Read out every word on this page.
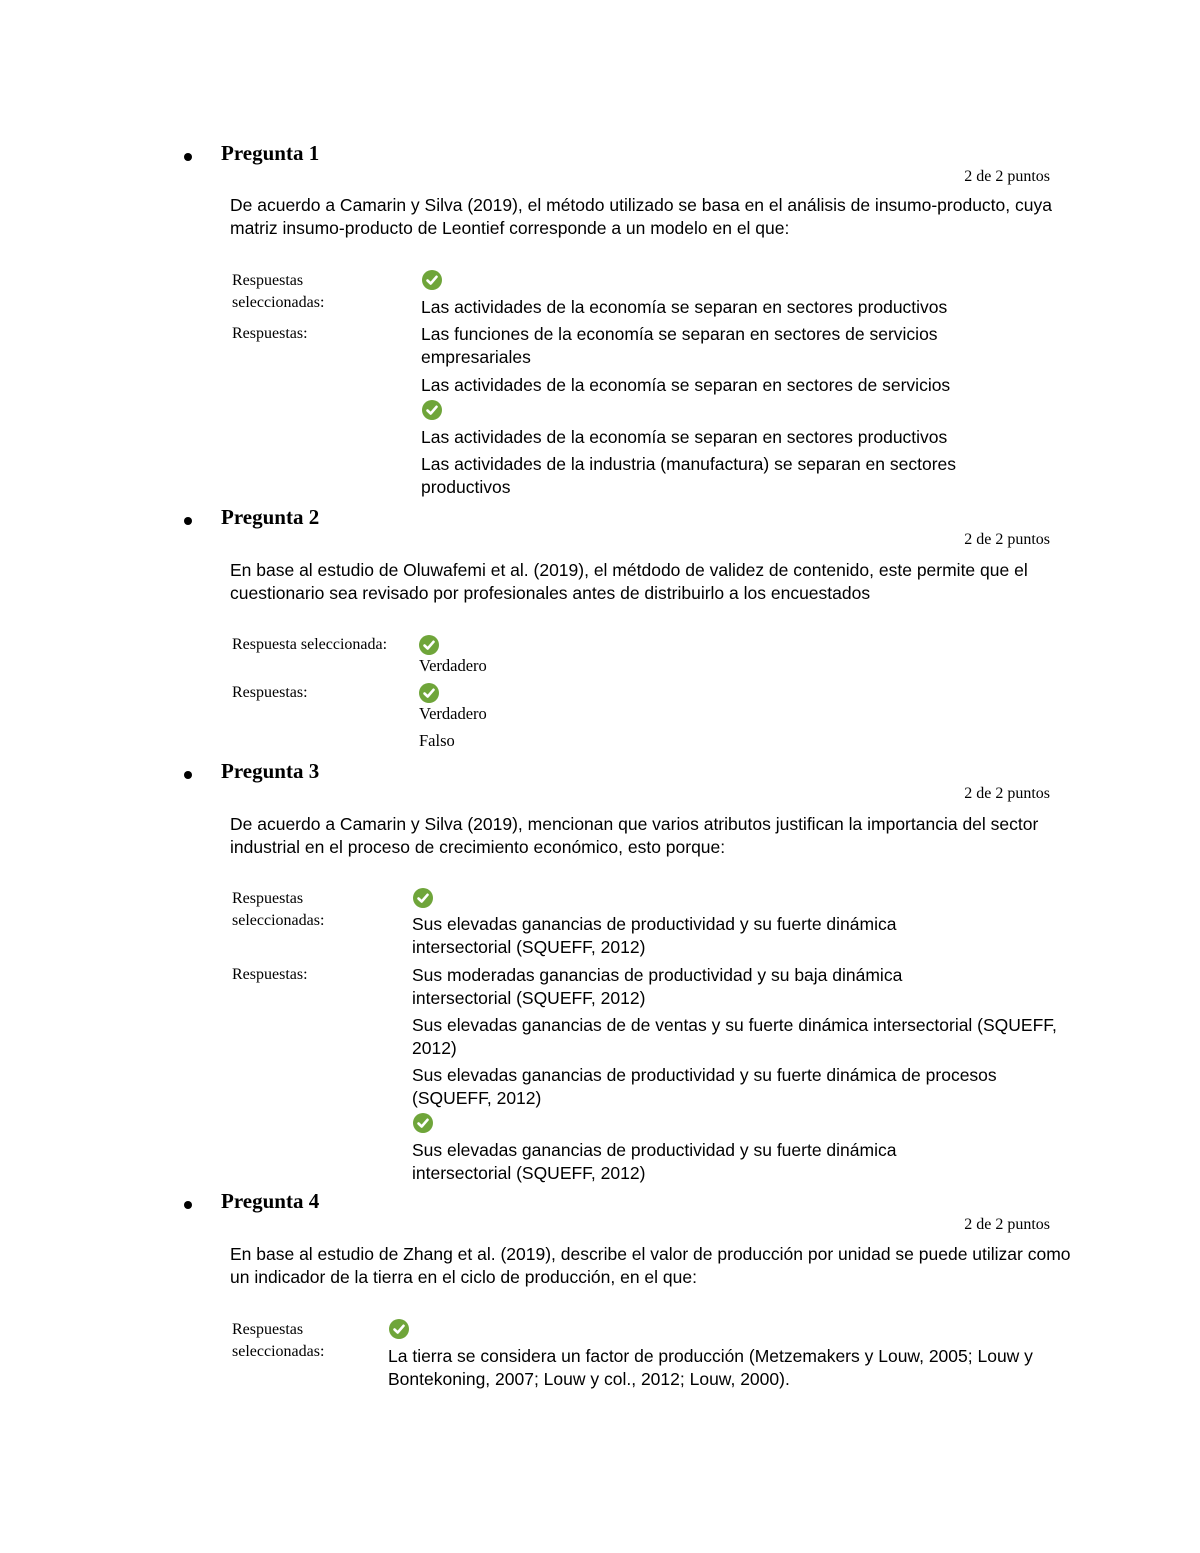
Pregunta 1
2 de 2 puntos
De acuerdo a Camarin y Silva (2019), el método utilizado se basa en el análisis de insumo-producto, cuya matriz insumo-producto de Leontief corresponde a un modelo en el que:
Respuestas seleccionadas:	Las actividades de la economía se separan en sectores productivos
Respuestas:	Las funciones de la economía se separan en sectores de servicios empresariales
Las actividades de la economía se separan en sectores de servicios
Las actividades de la economía se separan en sectores productivos
Las actividades de la industria (manufactura) se separan en sectores productivos
Pregunta 2
2 de 2 puntos
En base al estudio de Oluwafemi et al. (2019), el métdodo de validez de contenido, este permite que el cuestionario sea revisado por profesionales antes de distribuirlo a los encuestados
Respuesta seleccionada:
Verdadero
Respuestas:
Verdadero
Falso
Pregunta 3
2 de 2 puntos
De acuerdo a Camarin y Silva (2019), mencionan que varios atributos justifican la importancia del sector industrial en el proceso de crecimiento económico, esto porque:
Respuestas seleccionadas:	Sus elevadas ganancias de productividad y su fuerte dinámica intersectorial (SQUEFF, 2012)
Respuestas:	Sus moderadas ganancias de productividad y su baja dinámica intersectorial (SQUEFF, 2012)
Sus elevadas ganancias de de ventas y su fuerte dinámica intersectorial (SQUEFF, 2012)
Sus elevadas ganancias de productividad y su fuerte dinámica de procesos (SQUEFF, 2012)
Sus elevadas ganancias de productividad y su fuerte dinámica intersectorial (SQUEFF, 2012)
Pregunta 4
2 de 2 puntos
En base al estudio de Zhang et al. (2019), describe el valor de producción por unidad se puede utilizar como un indicador de la tierra en el ciclo de producción, en el que:
Respuestas seleccionadas:	La tierra se considera un factor de producción (Metzemakers y Louw, 2005; Louw y Bontekoning, 2007; Louw y col., 2012; Louw, 2000).
